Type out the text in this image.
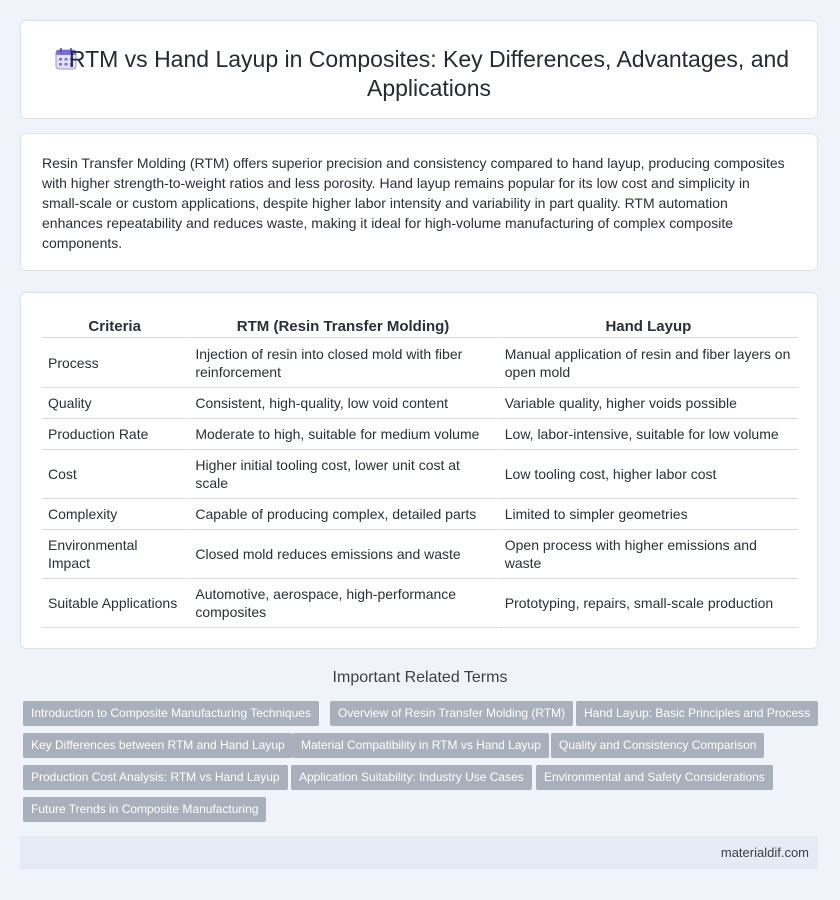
RTM vs Hand Layup in Composites: Key Differences, Advantages, and Applications

Resin Transfer Molding (RTM) offers superior precision and consistency compared to hand layup, producing composites with higher strength-to-weight ratios and less porosity. Hand layup remains popular for its low cost and simplicity in small-scale or custom applications, despite higher labor intensity and variability in part quality. RTM automation enhances repeatability and reduces waste, making it ideal for high-volume manufacturing of complex composite components.

Criteria	RTM (Resin Transfer Molding)	Hand Layup
Process	Injection of resin into closed mold with fiber reinforcement	Manual application of resin and fiber layers on open mold
Quality	Consistent, high-quality, low void content	Variable quality, higher voids possible
Production Rate	Moderate to high, suitable for medium volume	Low, labor-intensive, suitable for low volume
Cost	Higher initial tooling cost, lower unit cost at scale	Low tooling cost, higher labor cost
Complexity	Capable of producing complex, detailed parts	Limited to simpler geometries
Environmental Impact	Closed mold reduces emissions and waste	Open process with higher emissions and waste
Suitable Applications	Automotive, aerospace, high-performance composites	Prototyping, repairs, small-scale production
Important Related Terms
Introduction to Composite Manufacturing Techniques	Overview of Resin Transfer Molding (RTM)	Hand Layup: Basic Principles and Process
Key Differences between RTM and Hand Layup	Material Compatibility in RTM vs Hand Layup	Quality and Consistency Comparison
Production Cost Analysis: RTM vs Hand Layup	Application Suitability: Industry Use Cases	Environmental and Safety Considerations
Future Trends in Composite Manufacturing
materialdif.com
